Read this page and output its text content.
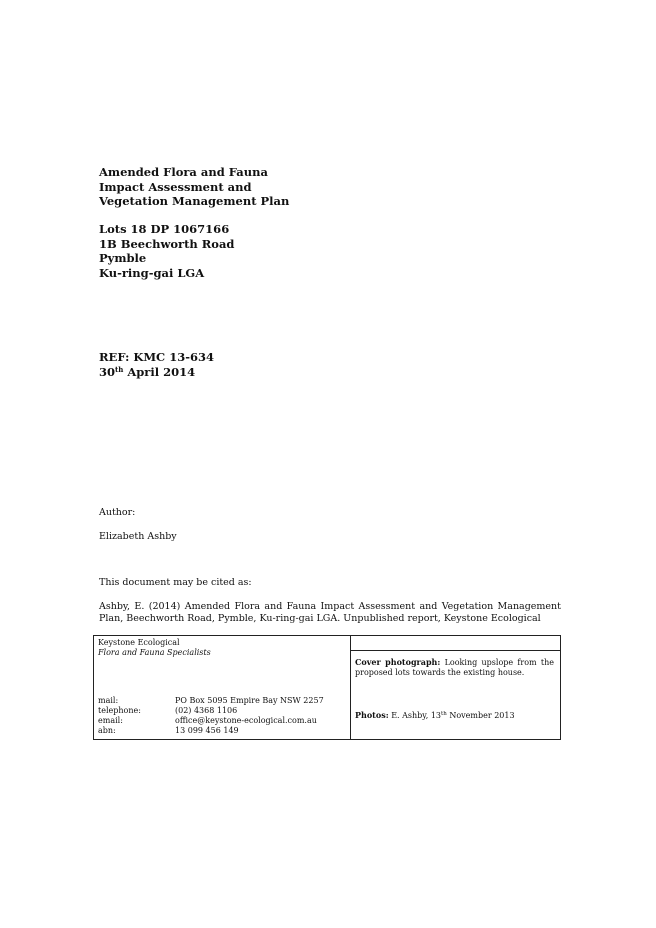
Amended Flora and Fauna
Impact Assessment and
Vegetation Management Plan
Lots 18 DP 1067166
1B Beechworth Road
Pymble
Ku-ring-gai LGA
REF: KMC 13-634
30th April 2014
Author:
Elizabeth Ashby
This document may be cited as:
Ashby, E. (2014) Amended Flora and Fauna Impact Assessment and Vegetation Management Plan, Beechworth Road, Pymble, Ku-ring-gai LGA. Unpublished report, Keystone Ecological
Keystone Ecological
Flora and Fauna Specialists
mail:	PO Box 5095 Empire Bay NSW 2257
telephone:	(02) 4368 1106
email:	office@keystone-ecological.com.au
abn:	13 099 456 149
Cover photograph: Looking upslope from the proposed lots towards the existing house.
Photos: E. Ashby, 13th November 2013
